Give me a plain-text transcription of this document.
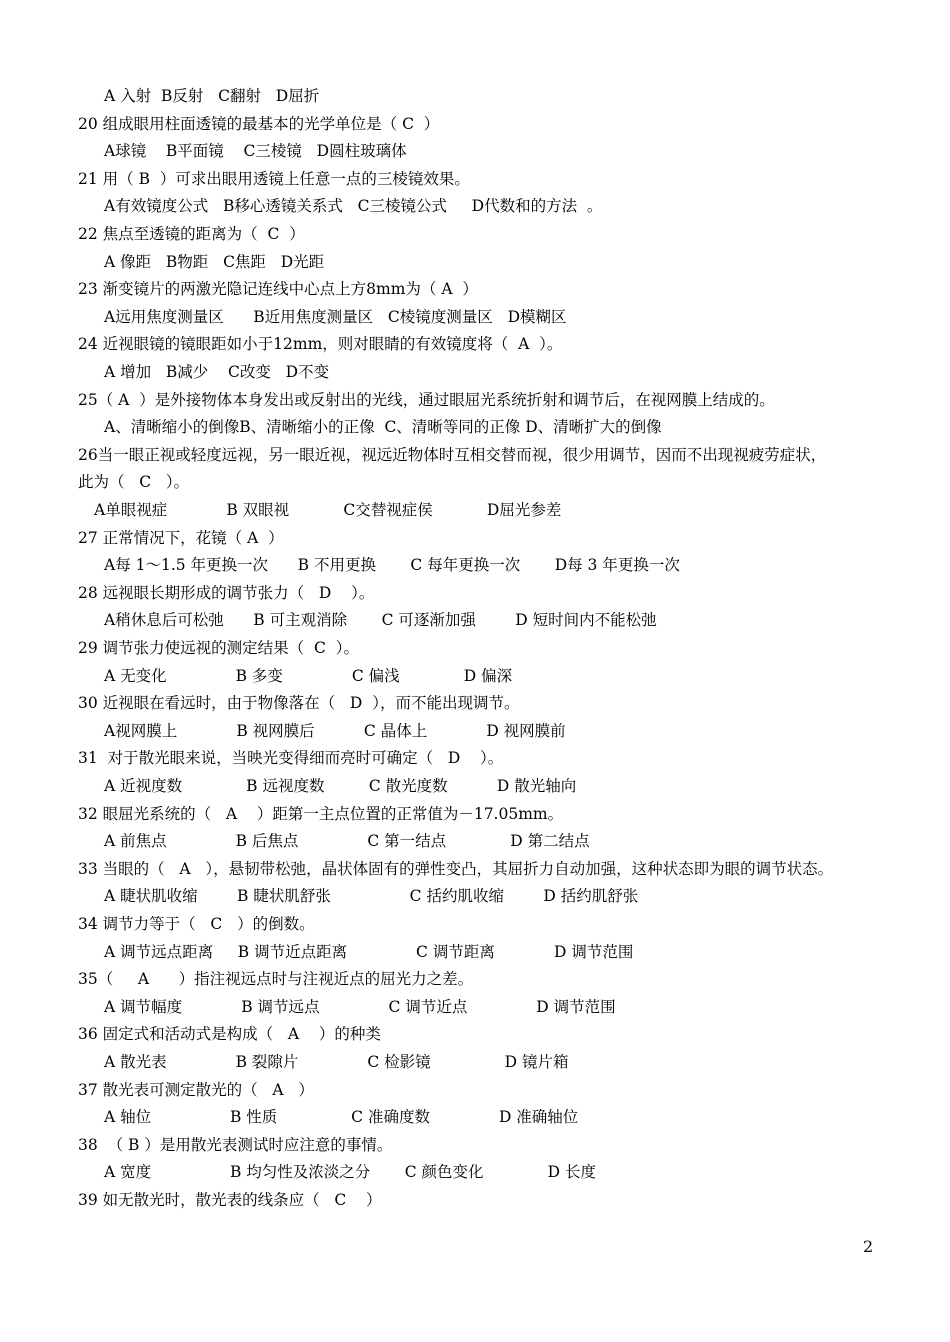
A 入射  B反射   C翻射   D屈折
20 组成眼用柱面透镜的最基本的光学单位是（ C  ）
A球镜    B平面镜    C三棱镜   D圆柱玻璃体
21 用（ B  ）可求出眼用透镜上任意一点的三棱镜效果。
A有效镜度公式   B移心透镜关系式   C三棱镜公式     D代数和的方法  。
22 焦点至透镜的距离为（  C  ）
A 像距   B物距   C焦距   D光距
23 渐变镜片的两激光隐记连线中心点上方8mm为（ A  ）
A远用焦度测量区      B近用焦度测量区   C棱镜度测量区   D模糊区
24 近视眼镜的镜眼距如小于12mm，则对眼睛的有效镜度将（  A  ）。
A 增加   B减少    C改变   D不变
25（ A  ）是外接物体本身发出或反射出的光线，通过眼屈光系统折射和调节后，在视网膜上结成的。
A、清晰缩小的倒像B、清晰缩小的正像  C、清晰等同的正像 D、清晰扩大的倒像
26当一眼正视或轻度远视，另一眼近视，视远近物体时互相交替而视，很少用调节，因而不出现视疲劳症状，
此为（   C   ）。
A单眼视症            B 双眼视           C交替视症侯           D屈光参差
27 正常情况下，花镜（ A  ）
A每 1～1.5 年更换一次      B 不用更换       C 每年更换一次       D每 3 年更换一次
28 远视眼长期形成的调节张力（   D    ）。
A稍休息后可松弛      B 可主观消除       C 可逐渐加强        D 短时间内不能松弛
29 调节张力使远视的测定结果（  C  ）。
A 无变化              B 多变              C 偏浅             D 偏深
30 近视眼在看远时，由于物像落在（   D  ），而不能出现调节。
A视网膜上            B 视网膜后          C 晶体上            D 视网膜前
31  对于散光眼来说，当映光变得细而亮时可确定（   D    ）。
A 近视度数             B 远视度数         C 散光度数          D 散光轴向
32 眼屈光系统的（   A    ）距第一主点位置的正常值为－17.05mm。
A 前焦点              B 后焦点              C 第一结点             D 第二结点
33 当眼的（   A   ），悬韧带松弛，晶状体固有的弹性变凸，其屈折力自动加强，这种状态即为眼的调节状态。
A 睫状肌收缩        B 睫状肌舒张                C 括约肌收缩        D 括约肌舒张
34 调节力等于（   C   ）的倒数。
A 调节远点距离     B 调节近点距离              C 调节距离            D 调节范围
35（     A      ）指注视远点时与注视近点的屈光力之差。
A 调节幅度            B 调节远点              C 调节近点              D 调节范围
36 固定式和活动式是构成（   A    ）的种类
A 散光表              B 裂隙片              C 检影镜               D 镜片箱
37 散光表可测定散光的（   A   ）
A 轴位                B 性质               C 准确度数              D 准确轴位
38  （ B ）是用散光表测试时应注意的事情。
A 宽度                B 均匀性及浓淡之分       C 颜色变化             D 长度
39 如无散光时，散光表的线条应（   C    ）
2
